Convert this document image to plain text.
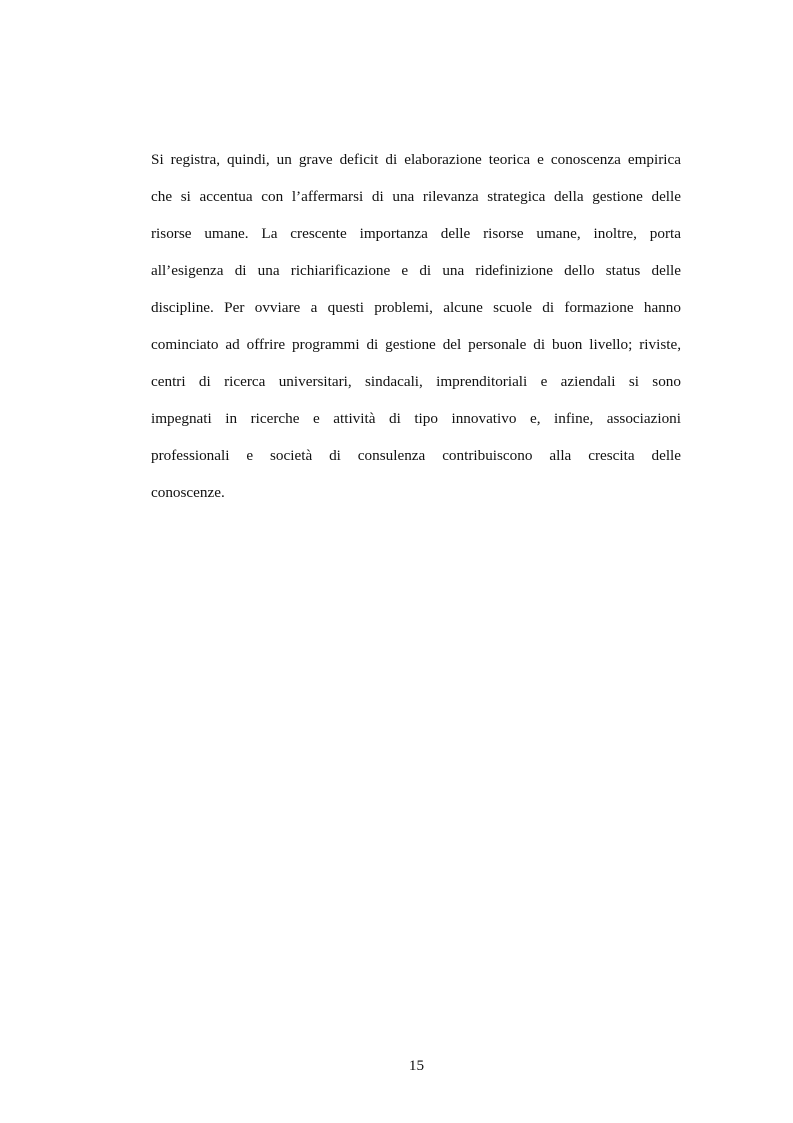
Si registra, quindi, un grave deficit di elaborazione teorica e conoscenza empirica
che si accentua con l’affermarsi di una rilevanza strategica della gestione delle
risorse umane. La crescente importanza delle risorse umane, inoltre, porta
all’esigenza di una richiarificazione e di una ridefinizione dello status delle
discipline. Per ovviare a questi problemi, alcune scuole di formazione hanno
cominciato ad offrire programmi di gestione del personale di buon livello; riviste,
centri di ricerca universitari, sindacali, imprenditoriali e aziendali si sono
impegnati in ricerche e attività di tipo innovativo e, infine, associazioni
professionali e società di consulenza contribuiscono alla crescita delle
conoscenze.
15
